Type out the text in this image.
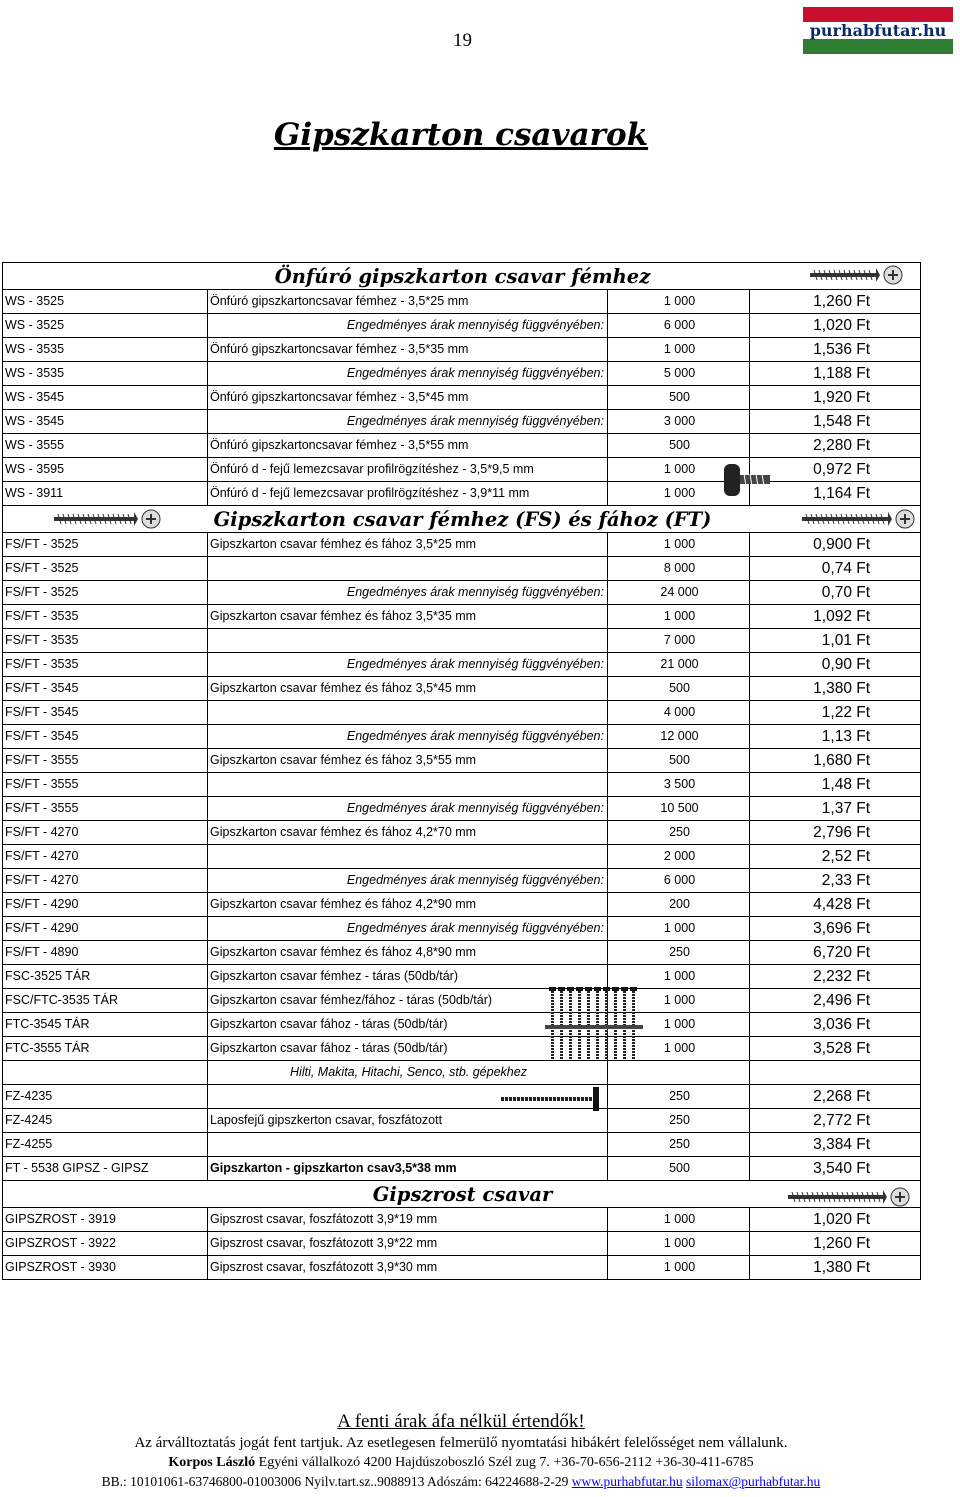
19	purhabfutar.hu
Gipszkarton csavarok
Önfúró gipszkarton csavar fémhez			
WS - 3525	Önfúró gipszkartoncsavar fémhez - 3,5*25 mm	1 000	1,260 Ft
WS - 3525	Engedményes árak mennyiség függvényében:	6 000	1,020 Ft
WS - 3535	Önfúró gipszkartoncsavar fémhez - 3,5*35 mm	1 000	1,536 Ft
WS - 3535	Engedményes árak mennyiség függvényében:	5 000	1,188 Ft
WS - 3545	Önfúró gipszkartoncsavar fémhez - 3,5*45 mm	500	1,920 Ft
WS - 3545	Engedményes árak mennyiség függvényében:	3 000	1,548 Ft
WS - 3555	Önfúró gipszkartoncsavar fémhez - 3,5*55 mm	500	2,280 Ft
WS - 3595	Önfúró d - fejű lemezcsavar profilrögzítéshez - 3,5*9,5 mm	1 000	0,972 Ft
WS - 3911	Önfúró d - fejű lemezcsavar profilrögzítéshez - 3,9*11 mm	1 000	1,164 Ft
Gipszkarton csavar fémhez (FS) és fához (FT)			
FS/FT - 3525	Gipszkarton csavar fémhez és fához 3,5*25 mm	1 000	0,900 Ft
FS/FT - 3525		8 000	0,74 Ft
FS/FT - 3525	Engedményes árak mennyiség függvényében:	24 000	0,70 Ft
FS/FT - 3535	Gipszkarton csavar fémhez és fához 3,5*35 mm	1 000	1,092 Ft
FS/FT - 3535		7 000	1,01 Ft
FS/FT - 3535	Engedményes árak mennyiség függvényében:	21 000	0,90 Ft
FS/FT - 3545	Gipszkarton csavar fémhez és fához 3,5*45 mm	500	1,380 Ft
FS/FT - 3545		4 000	1,22 Ft
FS/FT - 3545	Engedményes árak mennyiség függvényében:	12 000	1,13 Ft
FS/FT - 3555	Gipszkarton csavar fémhez és fához 3,5*55 mm	500	1,680 Ft
FS/FT - 3555		3 500	1,48 Ft
FS/FT - 3555	Engedményes árak mennyiség függvényében:	10 500	1,37 Ft
FS/FT - 4270	Gipszkarton csavar fémhez és fához 4,2*70 mm	250	2,796 Ft
FS/FT - 4270		2 000	2,52 Ft
FS/FT - 4270	Engedményes árak mennyiség függvényében:	6 000	2,33 Ft
FS/FT - 4290	Gipszkarton csavar fémhez és fához 4,2*90 mm	200	4,428 Ft
FS/FT - 4290	Engedményes árak mennyiség függvényében:	1 000	3,696 Ft
FS/FT - 4890	Gipszkarton csavar fémhez és fához 4,8*90 mm	250	6,720 Ft
FSC-3525 TÁR	Gipszkarton csavar fémhez - táras (50db/tár)	1 000	2,232 Ft
FSC/FTC-3535 TÁR	Gipszkarton csavar fémhez/fához - táras (50db/tár)	1 000	2,496 Ft
FTC-3545 TÁR	Gipszkarton csavar fához - táras (50db/tár)	1 000	3,036 Ft
FTC-3555 TÁR	Gipszkarton csavar fához - táras (50db/tár)	1 000	3,528 Ft
	Hilti, Makita, Hitachi, Senco, stb. gépekhez		
FZ-4235		250	2,268 Ft
FZ-4245	Laposfejű gipszkerton csavar, foszfátozott	250	2,772 Ft
FZ-4255		250	3,384 Ft
FT - 5538 GIPSZ - GIPSZ	Gipszkarton - gipszkarton csav3,5*38 mm	500	3,540 Ft
Gipszrost csavar			
GIPSZROST - 3919	Gipszrost csavar, foszfátozott 3,9*19 mm	1 000	1,020 Ft
GIPSZROST - 3922	Gipszrost csavar, foszfátozott 3,9*22 mm	1 000	1,260 Ft
GIPSZROST - 3930	Gipszrost csavar, foszfátozott 3,9*30 mm	1 000	1,380 Ft
A fenti árak áfa nélkül értendők!
Az árválltoztatás jogát fent tartjuk. Az esetlegesen felmerülő nyomtatási hibákért felelősséget nem vállalunk.
Korpos László Egyéni vállalkozó 4200 Hajdúszoboszló Szél zug 7. +36-70-656-2112 +36-30-411-6785
BB.: 10101061-63746800-01003006 Nyilv.tart.sz..9088913 Adószám: 64224688-2-29 www.purhabfutar.hu silomax@purhabfutar.hu
